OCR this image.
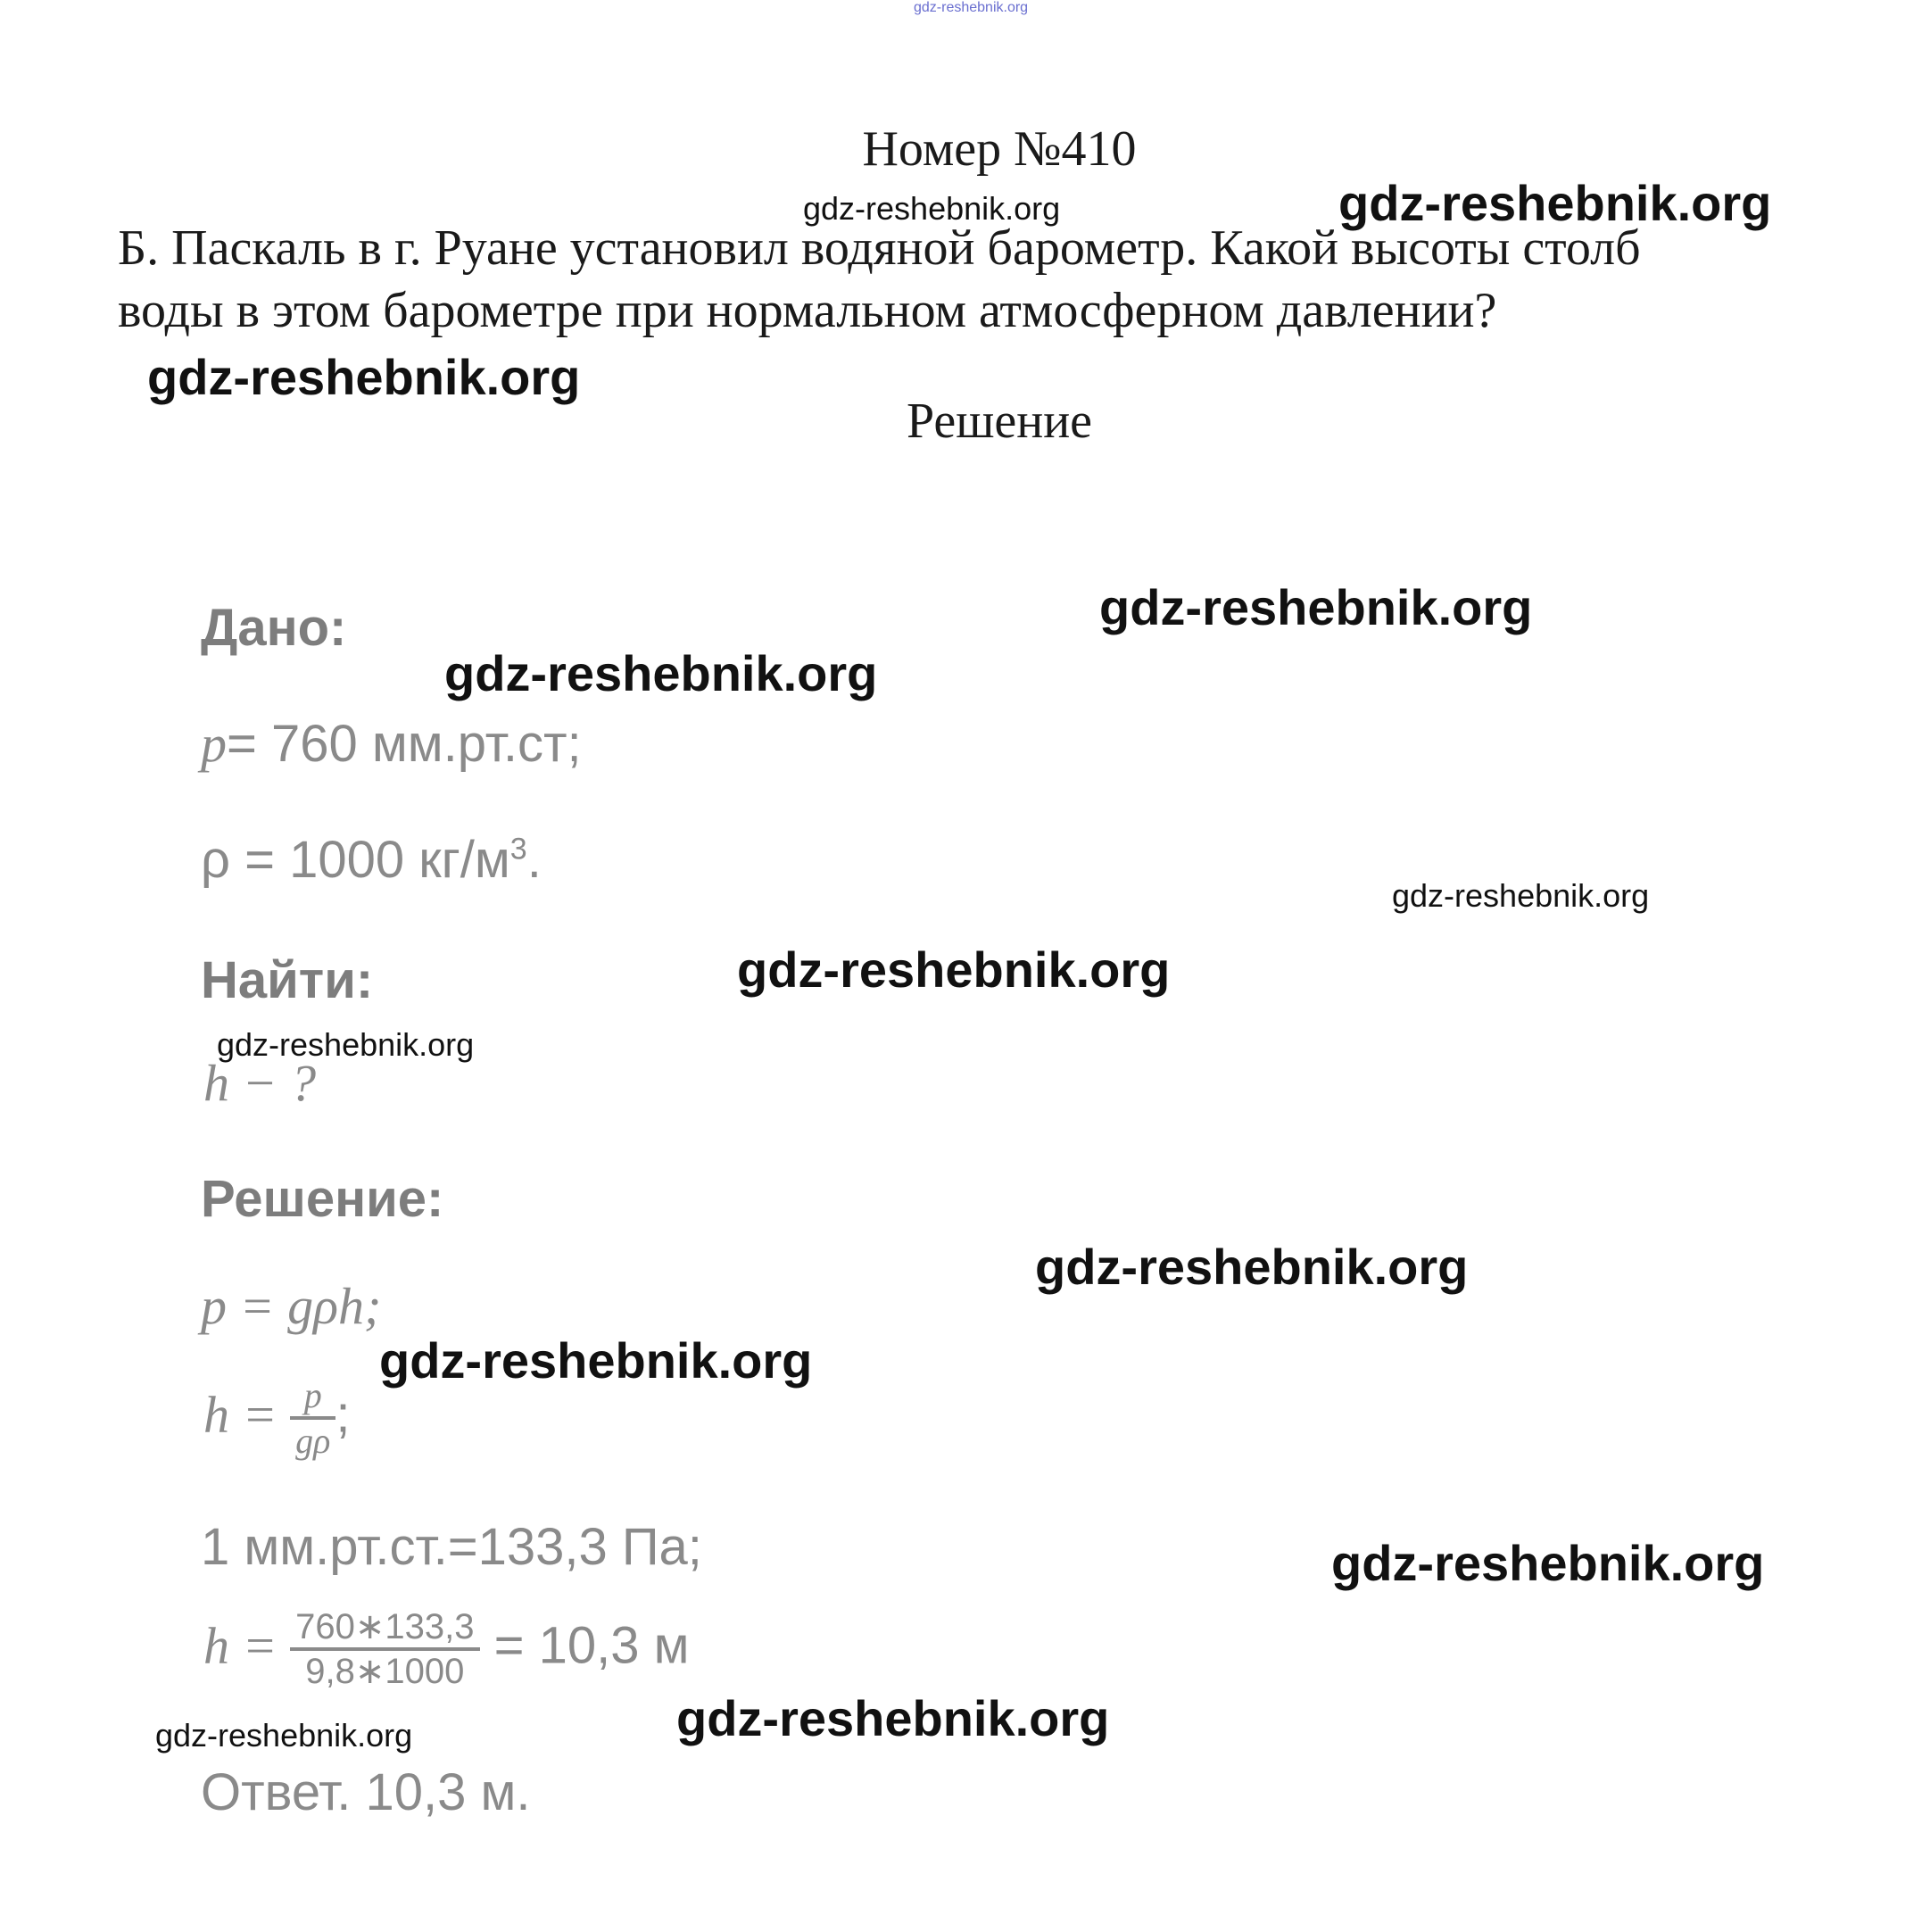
gdz-reshebnik.org
Номер №410
Б. Паскаль в г. Руане установил водяной барометр. Какой высоты столб
воды в этом барометре при нормальном атмосферном давлении?
Решение
Дано:
p= 760 мм.рт.ст;
ρ = 1000 $кг/м^3$.
Найти:
h − ?
Решение:
p = gρh;
$h = \frac{p}{g\rho}$ ;
1 мм.рт.ст.=133,3 Па;
$h = \frac{760∗133,3}{9,8∗1000} = 10,3$ м
Ответ. 10,3 м.
gdz-reshebnik.org	gdz-reshebnik.org
gdz-reshebnik.org
gdz-reshebnik.org
gdz-reshebnik.org
gdz-reshebnik.org
gdz-reshebnik.org
gdz-reshebnik.org
gdz-reshebnik.org
gdz-reshebnik.org
gdz-reshebnik.org
gdz-reshebnik.org
gdz-reshebnik.org
